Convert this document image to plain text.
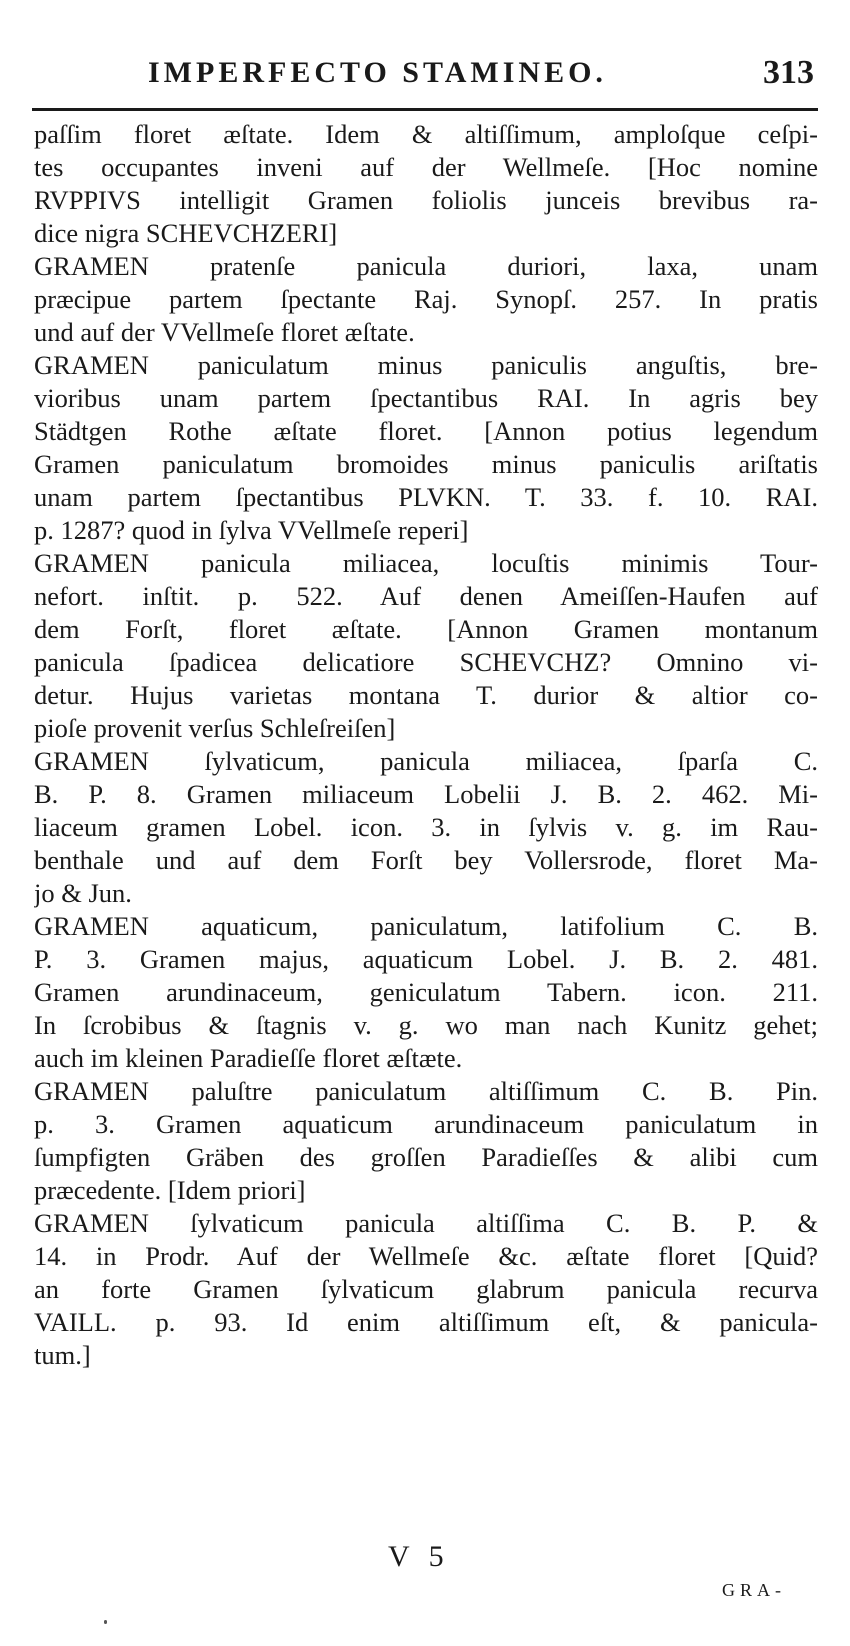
IMPERFECTO STAMINEO.	313
paſſim floret æſtate. Idem & altiſſimum, amploſque ceſpi-
tes occupantes inveni auf der Wellmeſe. [Hoc nomine
RVPPIVS intelligit Gramen foliolis junceis brevibus ra-
dice nigra SCHEVCHZERI]
GRAMEN pratenſe panicula duriori, laxa, unam
præcipue partem ſpectante Raj. Synopſ. 257. In pratis
und auf der VVellmeſe floret æſtate.
GRAMEN paniculatum minus paniculis anguſtis, bre-
vioribus unam partem ſpectantibus RAI. In agris bey
Städtgen Rothe æſtate floret. [Annon potius legendum
Gramen paniculatum bromoides minus paniculis ariſtatis
unam partem ſpectantibus PLVKN. T. 33. f. 10. RAI.
p. 1287? quod in ſylva VVellmeſe reperi]
GRAMEN panicula miliacea, locuſtis minimis Tour-
nefort. inſtit. p. 522. Auf denen Ameiſſen-Haufen auf
dem Forſt, floret æſtate. [Annon Gramen montanum
panicula ſpadicea delicatiore SCHEVCHZ? Omnino vi-
detur. Hujus varietas montana T. durior & altior co-
pioſe provenit verſus Schleſreiſen]
GRAMEN ſylvaticum, panicula miliacea, ſparſa C.
B. P. 8. Gramen miliaceum Lobelii J. B. 2. 462. Mi-
liaceum gramen Lobel. icon. 3. in ſylvis v. g. im Rau-
benthale und auf dem Forſt bey Vollersrode, floret Ma-
jo & Jun.
GRAMEN aquaticum, paniculatum, latifolium C. B.
P. 3. Gramen majus, aquaticum Lobel. J. B. 2. 481.
Gramen arundinaceum, geniculatum Tabern. icon. 211.
In ſcrobibus & ſtagnis v. g. wo man nach Kunitz gehet;
auch im kleinen Paradieſſe floret æſtæte.
GRAMEN paluſtre paniculatum altiſſimum C. B. Pin.
p. 3. Gramen aquaticum arundinaceum paniculatum in
ſumpfigten Gräben des groſſen Paradieſſes & alibi cum
præcedente. [Idem priori]
GRAMEN ſylvaticum panicula altiſſima C. B. P. &
14. in Prodr. Auf der Wellmeſe &c. æſtate floret [Quid?
an forte Gramen ſylvaticum glabrum panicula recurva
VAILL. p. 93. Id enim altiſſimum eſt, & panicula-
tum.]
V 5
GRA-
